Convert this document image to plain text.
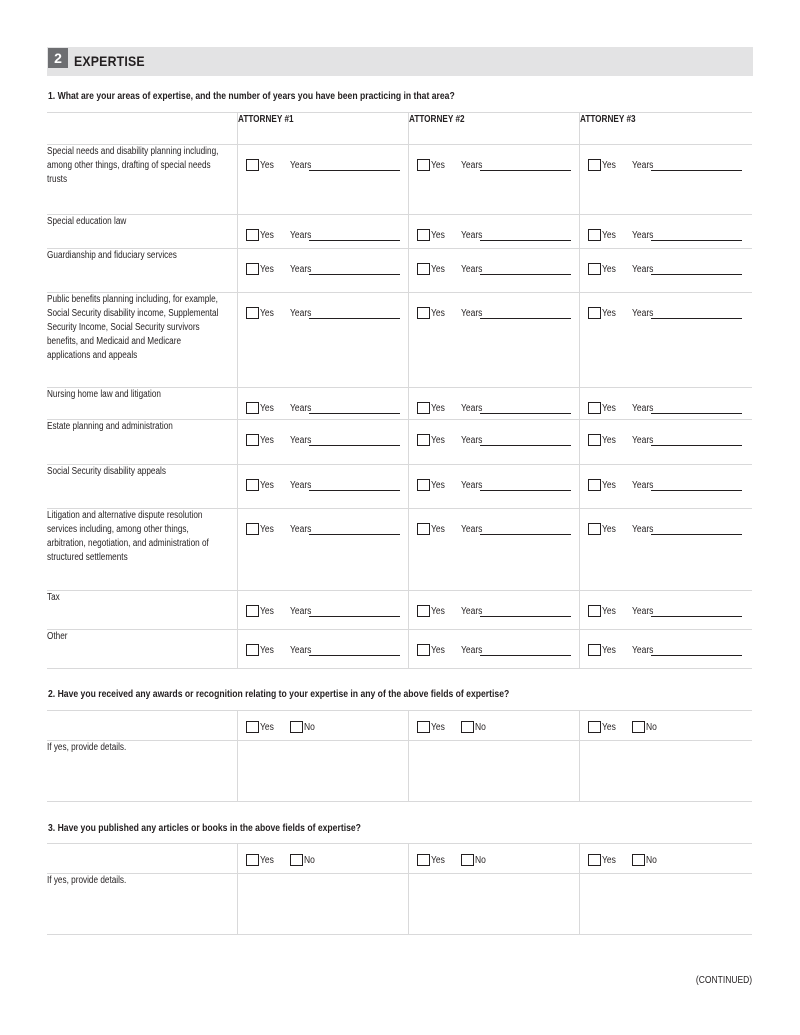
2 EXPERTISE
1. What are your areas of expertise, and the number of years you have been practicing in that area?
	ATTORNEY #1	ATTORNEY #2	ATTORNEY #3

Special needs and disability planning including, among other things, drafting of special needs trusts	Yes Years	Yes Years	Yes Years

Special education law	Yes Years	Yes Years	Yes Years

Guardianship and fiduciary services	Yes Years	Yes Years	Yes Years

Public benefits planning including, for example, Social Security disability income, Supplemental Security Income, Social Security survivors benefits, and Medicaid and Medicare applications and appeals	Yes Years	Yes Years	Yes Years

Nursing home law and litigation	Yes Years	Yes Years	Yes Years

Estate planning and administration	Yes Years	Yes Years	Yes Years

Social Security disability appeals	Yes Years	Yes Years	Yes Years

Litigation and alternative dispute resolution services including, among other things, arbitration, negotiation, and administration of structured settlements	Yes Years	Yes Years	Yes Years

Tax	Yes Years	Yes Years	Yes Years

Other	Yes Years	Yes Years	Yes Years
2. Have you received any awards or recognition relating to your expertise in any of the above fields of expertise?

	Yes No	Yes No	Yes No

If yes, provide details.			

3. Have you published any articles or books in the above fields of expertise?

	Yes No	Yes No	Yes No

If yes, provide details.			

(CONTINUED)
